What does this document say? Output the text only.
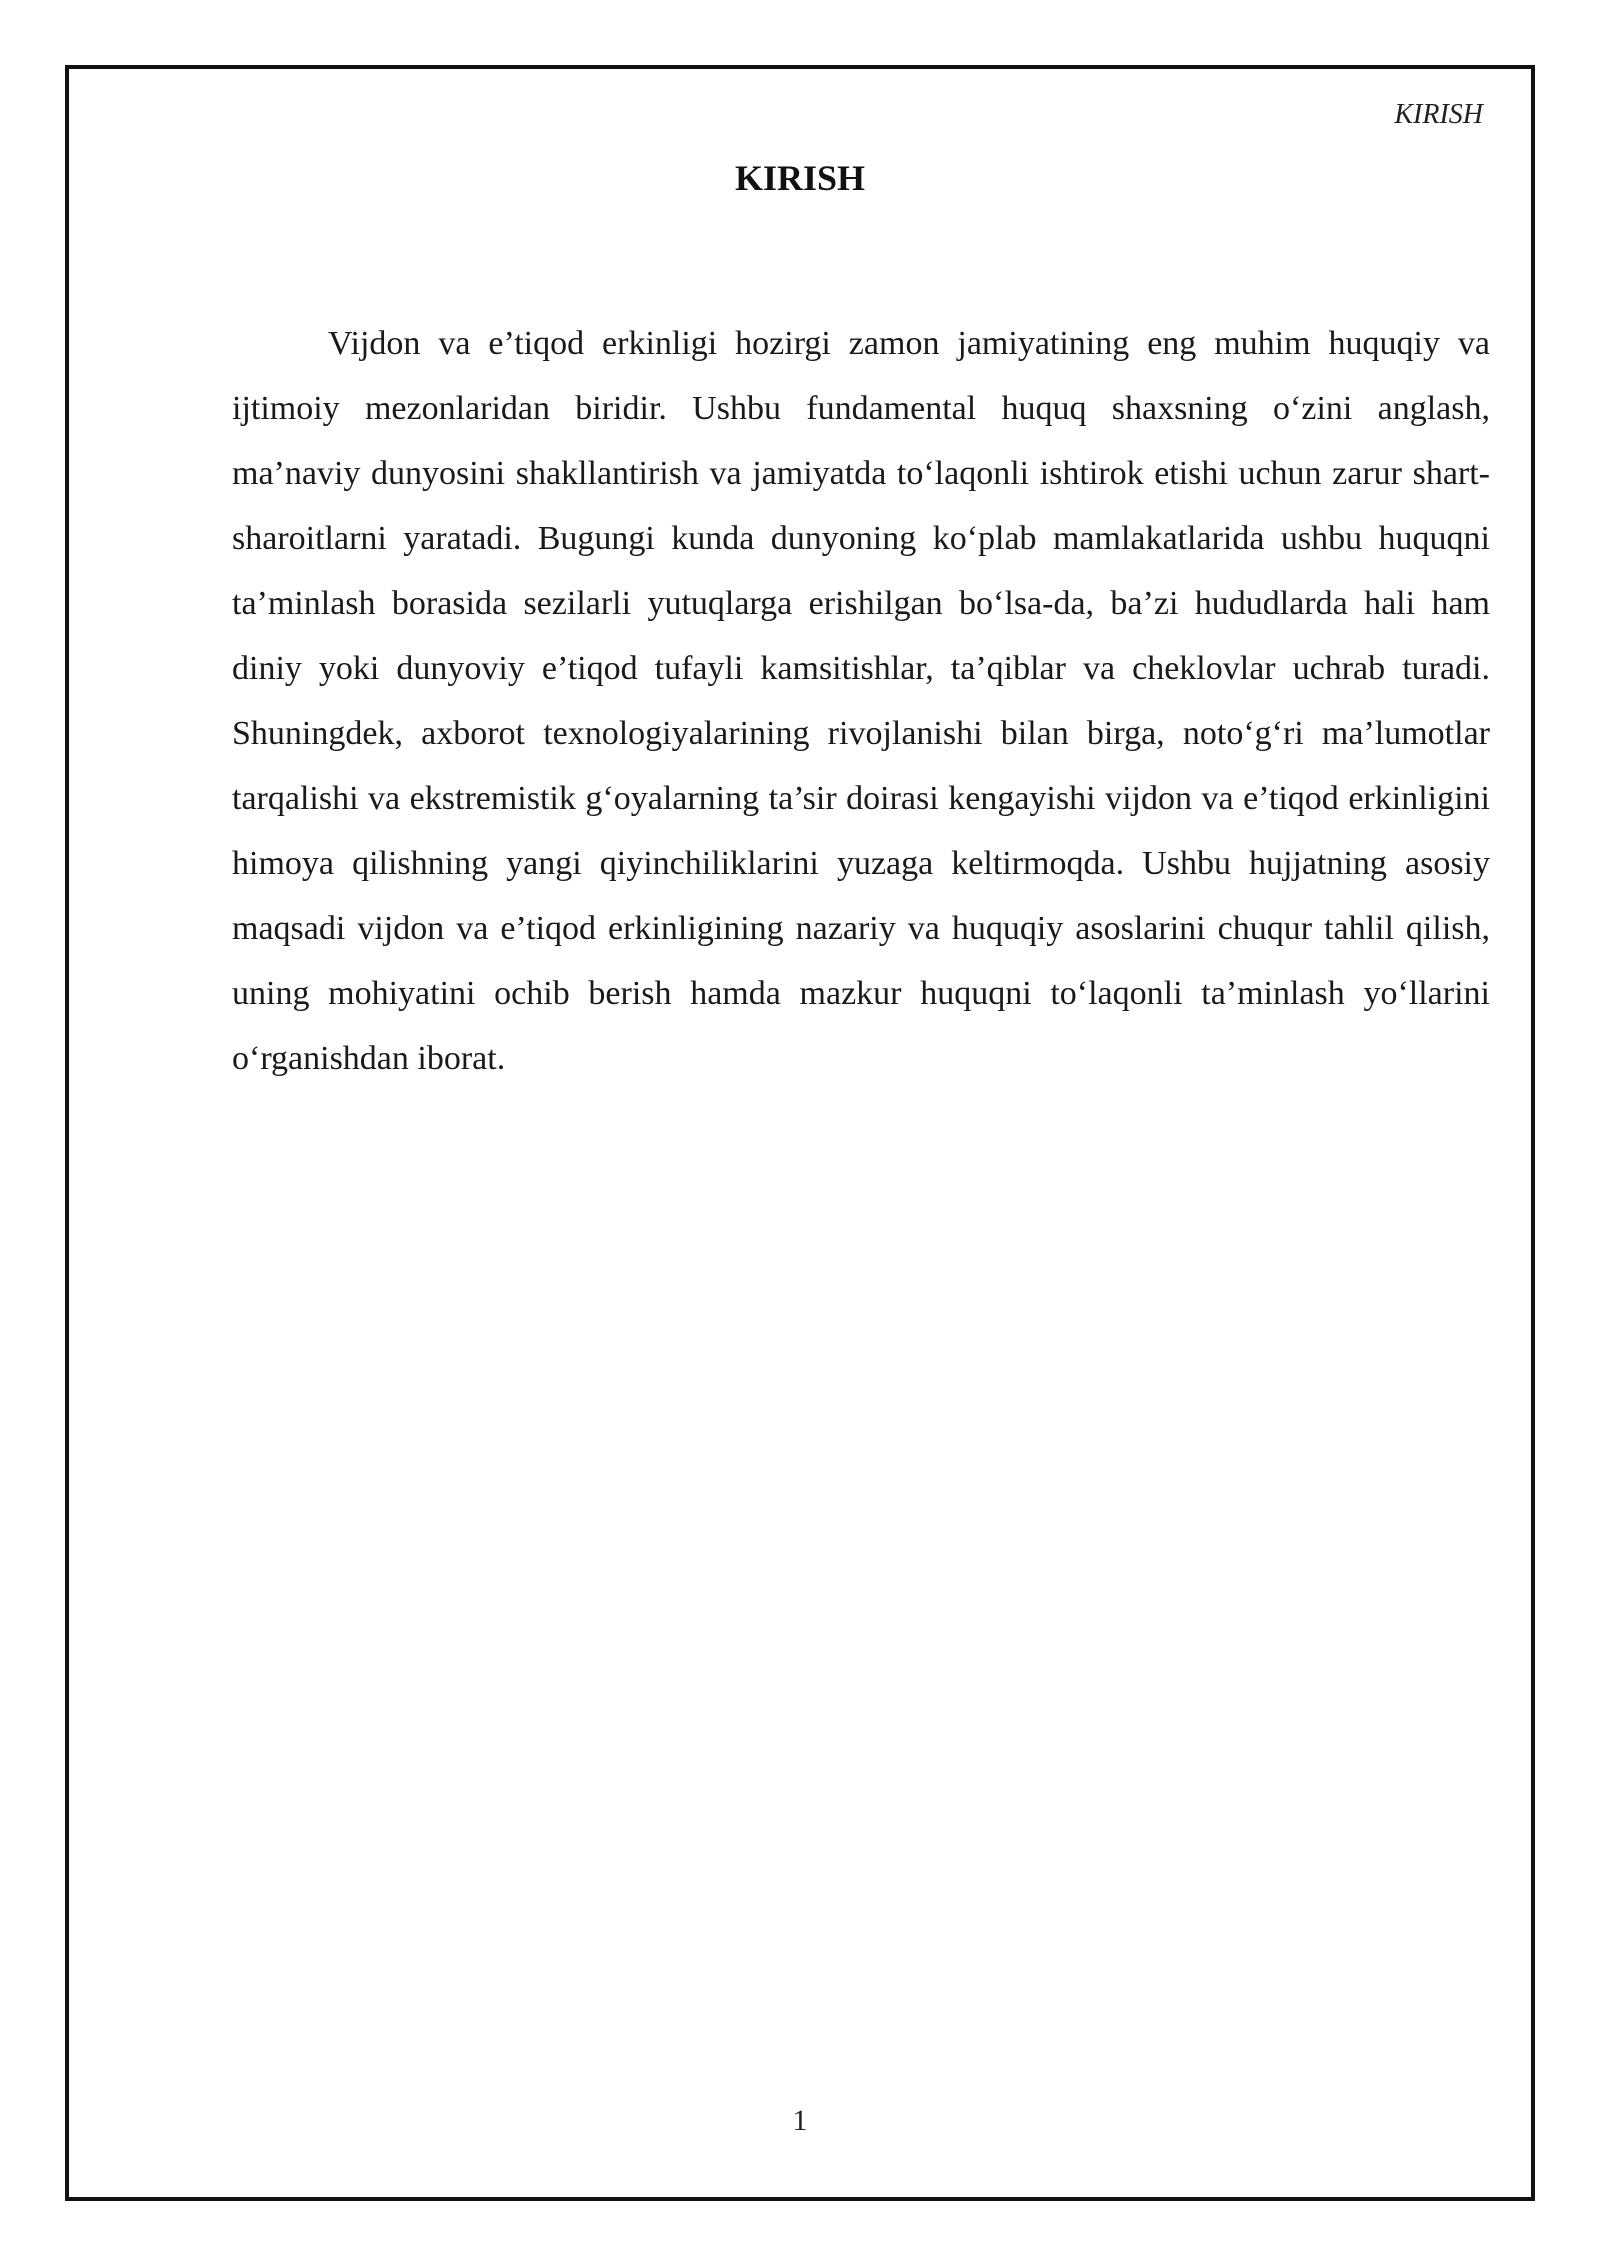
KIRISH
KIRISH

Vijdon va e’tiqod erkinligi hozirgi zamon jamiyatining eng muhim huquqiy va ijtimoiy mezonlaridan biridir. Ushbu fundamental huquq shaxsning o‘zini anglash, ma’naviy dunyosini shakllantirish va jamiyatda to‘laqonli ishtirok etishi uchun zarur shart-sharoitlarni yaratadi. Bugungi kunda dunyoning ko‘plab mamlakatlarida ushbu huquqni ta’minlash borasida sezilarli yutuqlarga erishilgan bo‘lsa-da, ba’zi hududlarda hali ham diniy yoki dunyoviy e’tiqod tufayli kamsitishlar, ta’qiblar va cheklovlar uchrab turadi. Shuningdek, axborot texnologiyalarining rivojlanishi bilan birga, noto‘g‘ri ma’lumotlar tarqalishi va ekstremistik g‘oyalarning ta’sir doirasi kengayishi vijdon va e’tiqod erkinligini himoya qilishning yangi qiyinchiliklarini yuzaga keltirmoqda. Ushbu hujjatning asosiy maqsadi vijdon va e’tiqod erkinligining nazariy va huquqiy asoslarini chuqur tahlil qilish, uning mohiyatini ochib berish hamda mazkur huquqni to‘laqonli ta’minlash yo‘llarini o‘rganishdan iborat.

1
